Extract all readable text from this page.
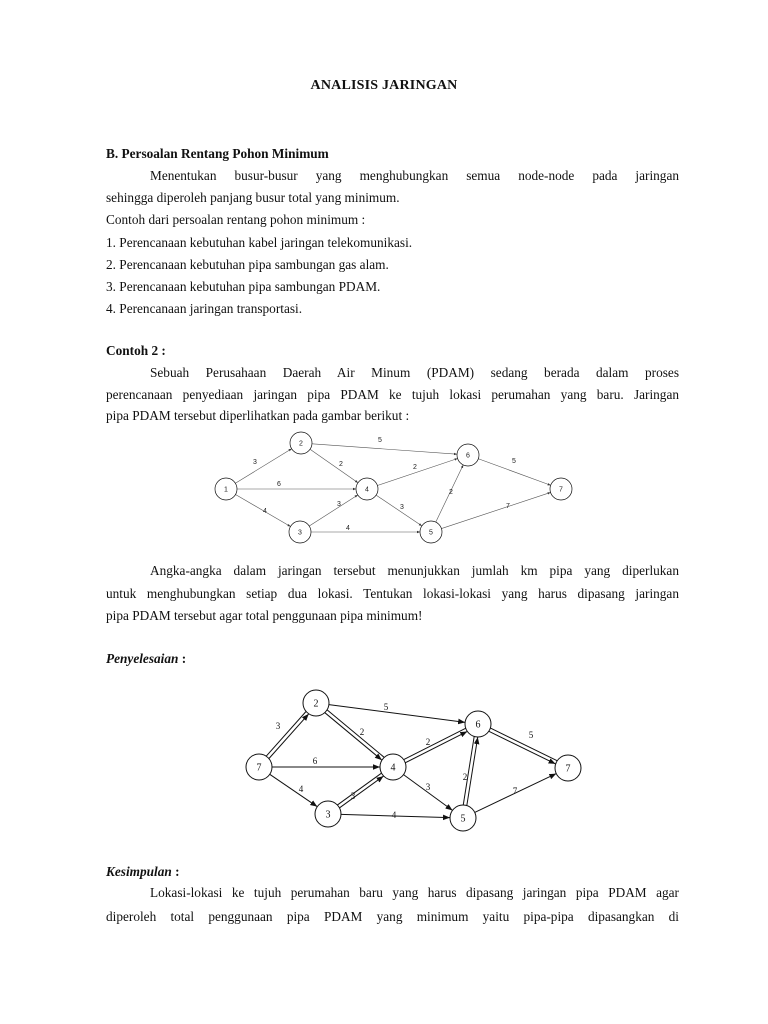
ANALISIS JARINGAN
B. Persoalan Rentang Pohon Minimum
Menentukan busur-busur yang menghubungkan semua node-node pada jaringan
sehingga diperoleh panjang busur total yang minimum.
Contoh dari persoalan rentang pohon minimum :
1. Perencanaan kebutuhan kabel jaringan telekomunikasi.
2. Perencanaan kebutuhan pipa sambungan gas alam.
3. Perencanaan kebutuhan pipa sambungan PDAM.
4. Perencanaan jaringan transportasi.
Contoh 2 :
Sebuah Perusahaan Daerah Air Minum (PDAM) sedang berada dalam proses
perencanaan penyediaan jaringan pipa PDAM ke tujuh lokasi perumahan yang baru. Jaringan
pipa PDAM tersebut diperlihatkan pada gambar berikut :
Angka-angka dalam jaringan tersebut menunjukkan jumlah km pipa yang diperlukan
untuk menghubungkan setiap dua lokasi. Tentukan lokasi-lokasi yang harus dipasang jaringan
pipa PDAM tersebut agar total penggunaan pipa minimum!
Penyelesaian :
Kesimpulan :
Lokasi-lokasi ke tujuh perumahan baru yang harus dipasang jaringan pipa PDAM agar
diperoleh total penggunaan pipa PDAM yang minimum yaitu pipa-pipa dipasangkan di
3
4
6
2
5
3
4
2
3
2
5
7
1
2
3
4
5
6
7
3
4
6
2
5
3
4
2
3
2
5
7
7
2
3
4
5
6
7
